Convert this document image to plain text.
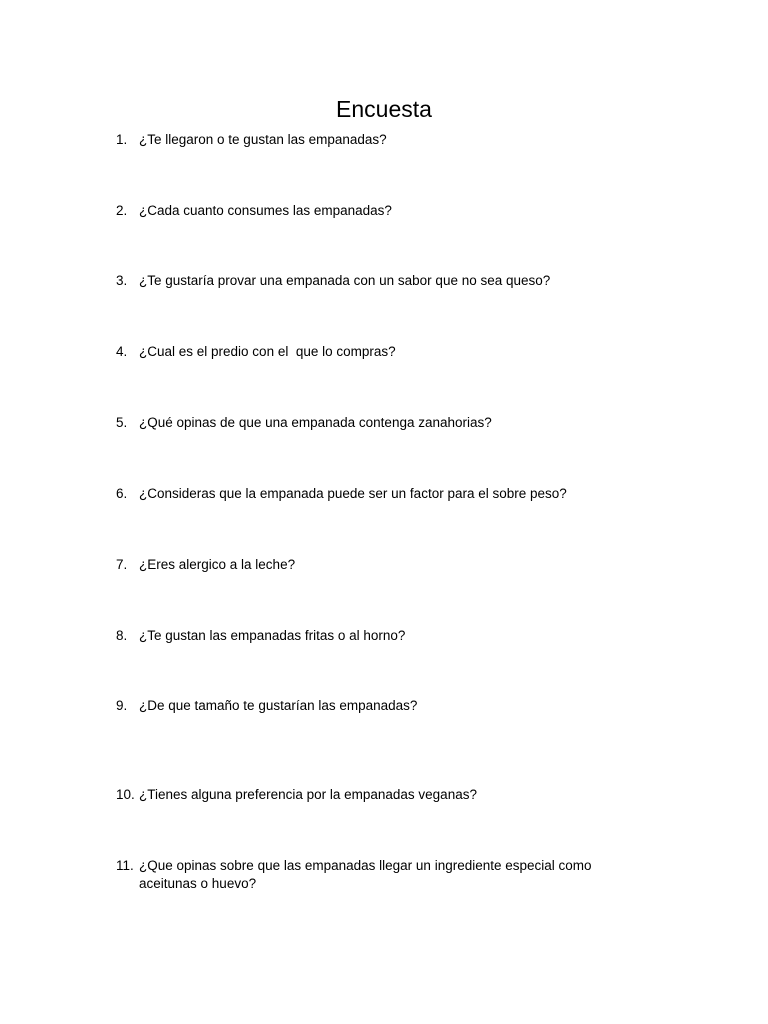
Encuesta
1. ¿Te llegaron o te gustan las empanadas?
2. ¿Cada cuanto consumes las empanadas?
3. ¿Te gustaría provar una empanada con un sabor que no sea queso?
4. ¿Cual es el predio con el  que lo compras?
5. ¿Qué opinas de que una empanada contenga zanahorias?
6. ¿Consideras que la empanada puede ser un factor para el sobre peso?
7. ¿Eres alergico a la leche?
8. ¿Te gustan las empanadas fritas o al horno?
9. ¿De que tamaño te gustarían las empanadas?
10. ¿Tienes alguna preferencia por la empanadas veganas?
11. ¿Que opinas sobre que las empanadas llegar un ingrediente especial como aceitunas o huevo?
